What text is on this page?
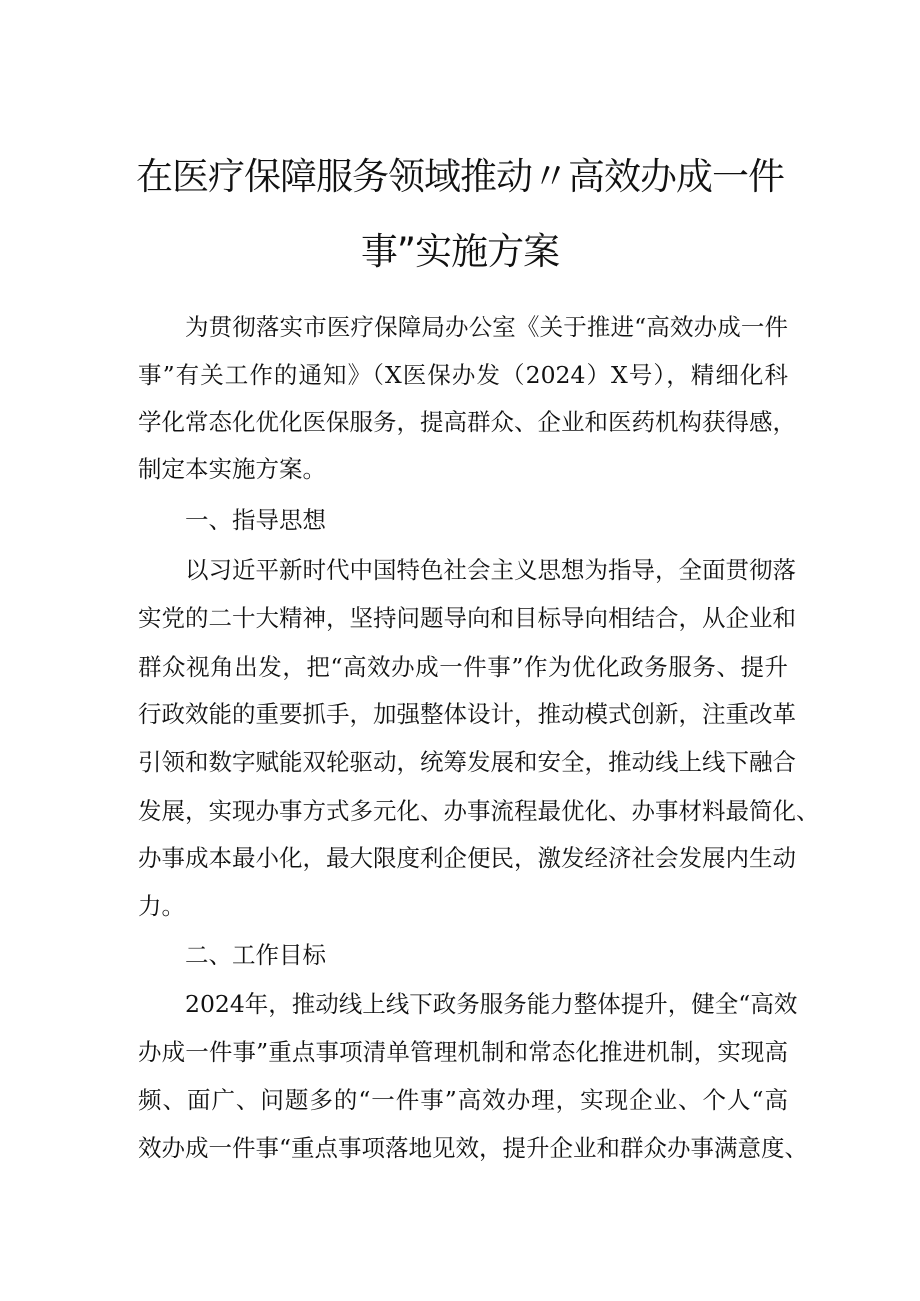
在医疗保障服务领域推动〃高效办成一件
事”实施方案
为贯彻落实市医疗保障局办公室《关于推进“高效办成一件
事”有关工作的通知》（X医保办发（2024）X号），精细化科
学化常态化优化医保服务，提高群众、企业和医药机构获得感，
制定本实施方案。
一、指导思想
以习近平新时代中国特色社会主义思想为指导，全面贯彻落
实党的二十大精神，坚持问题导向和目标导向相结合，从企业和
群众视角出发，把“高效办成一件事”作为优化政务服务、提升
行政效能的重要抓手，加强整体设计，推动模式创新，注重改革
引领和数字赋能双轮驱动，统筹发展和安全，推动线上线下融合
发展，实现办事方式多元化、办事流程最优化、办事材料最简化、
办事成本最小化，最大限度利企便民，激发经济社会发展内生动
力。
二、工作目标
2024年，推动线上线下政务服务能力整体提升，健全“高效
办成一件事”重点事项清单管理机制和常态化推进机制，实现高
频、面广、问题多的“一件事”高效办理，实现企业、个人“高
效办成一件事“重点事项落地见效，提升企业和群众办事满意度、
